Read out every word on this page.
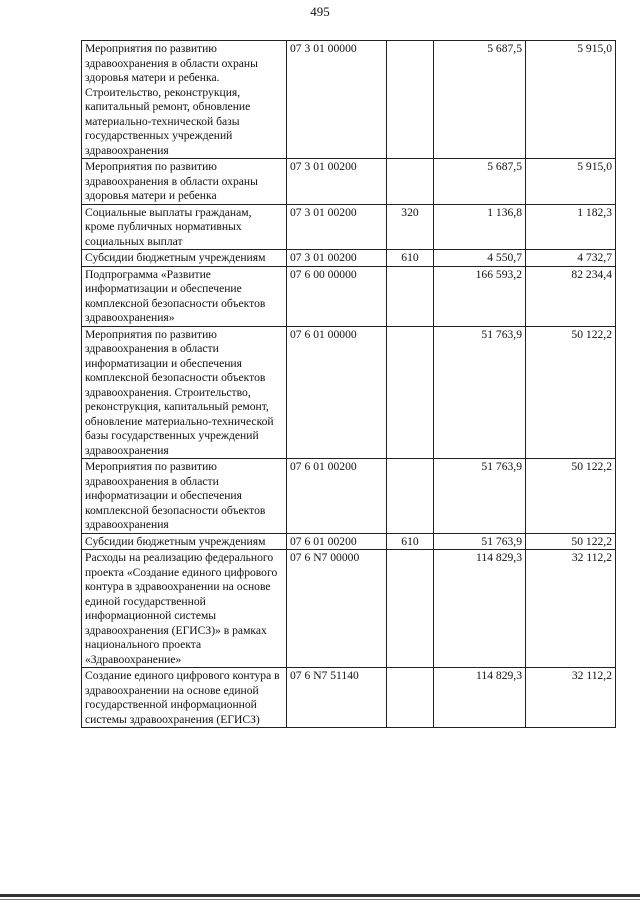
495
Мероприятия по развитию здравоохранения в области охраны здоровья матери и ребенка. Строительство, реконструкция, капитальный ремонт, обновление материально-технической базы государственных учреждений здравоохранения	07 3 01 00000		5 687,5	5 915,0
Мероприятия по развитию здравоохранения в области охраны здоровья матери и ребенка	07 3 01 00200		5 687,5	5 915,0
Социальные выплаты гражданам, кроме публичных нормативных социальных выплат	07 3 01 00200	320	1 136,8	1 182,3
Субсидии бюджетным учреждениям	07 3 01 00200	610	4 550,7	4 732,7
Подпрограмма «Развитие информатизации и обеспечение комплексной безопасности объектов здравоохранения»	07 6 00 00000		166 593,2	82 234,4
Мероприятия по развитию здравоохранения в области информатизации и обеспечения комплексной безопасности объектов здравоохранения. Строительство, реконструкция, капитальный ремонт, обновление материально-технической базы государственных учреждений здравоохранения	07 6 01 00000		51 763,9	50 122,2
Мероприятия по развитию здравоохранения в области информатизации и обеспечения комплексной безопасности объектов здравоохранения	07 6 01 00200		51 763,9	50 122,2
Субсидии бюджетным учреждениям	07 6 01 00200	610	51 763,9	50 122,2
Расходы на реализацию федерального проекта «Создание единого цифрового контура в здравоохранении на основе единой государственной информационной системы здравоохранения (ЕГИСЗ)» в рамках национального проекта «Здравоохранение»	07 6 N7 00000		114 829,3	32 112,2
Создание единого цифрового контура в здравоохранении на основе единой государственной информационной системы здравоохранения (ЕГИСЗ)	07 6 N7 51140		114 829,3	32 112,2
